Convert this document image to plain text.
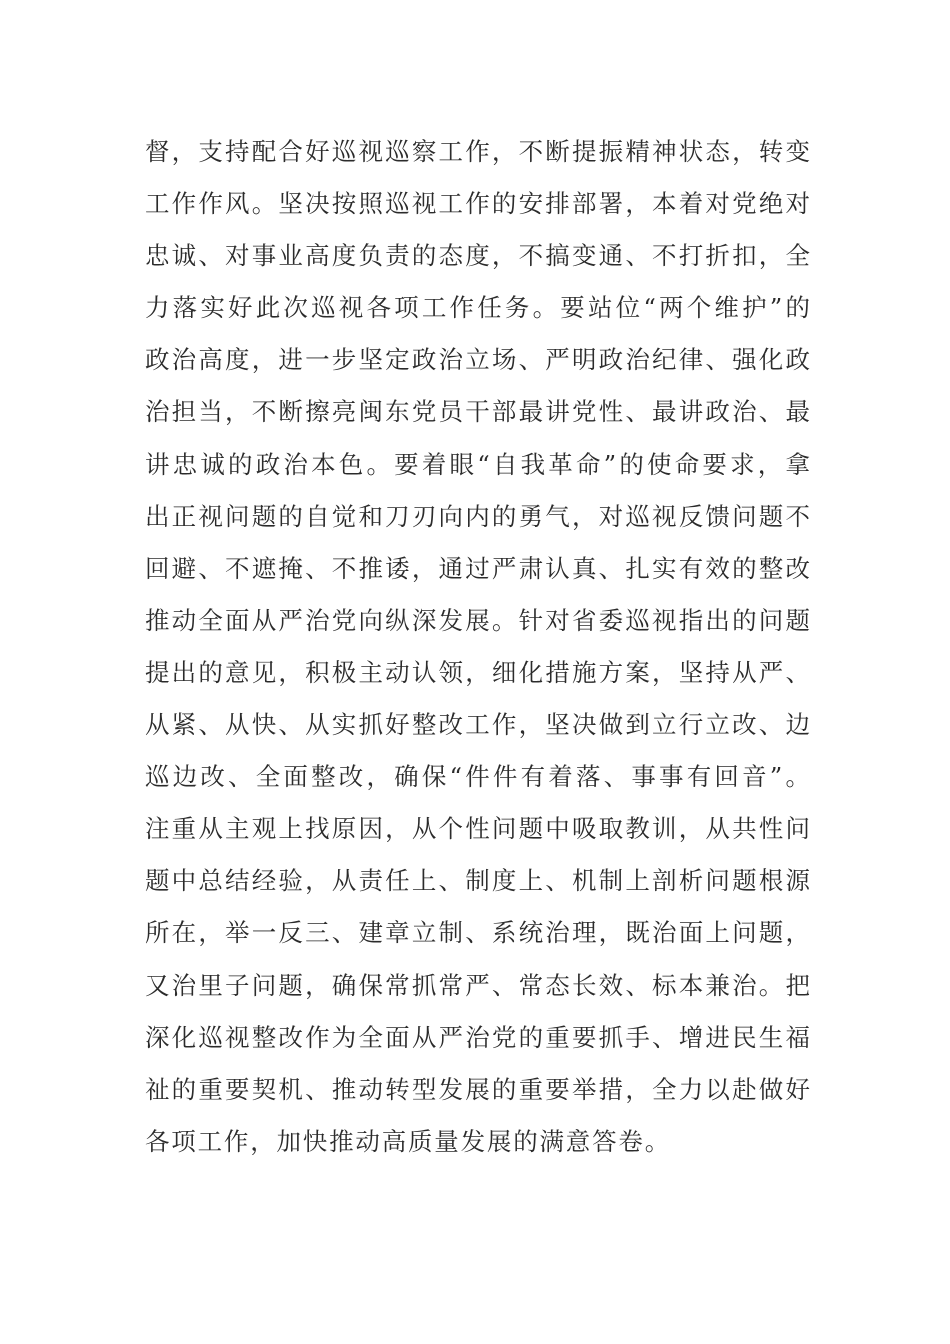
督，支持配合好巡视巡察工作，不断提振精神状态，转变
工作作风。坚决按照巡视工作的安排部署，本着对党绝对
忠诚、对事业高度负责的态度，不搞变通、不打折扣，全
力落实好此次巡视各项工作任务。要站位“两个维护”的
政治高度，进一步坚定政治立场、严明政治纪律、强化政
治担当，不断擦亮闽东党员干部最讲党性、最讲政治、最
讲忠诚的政治本色。要着眼“自我革命”的使命要求，拿
出正视问题的自觉和刀刃向内的勇气，对巡视反馈问题不
回避、不遮掩、不推诿，通过严肃认真、扎实有效的整改
推动全面从严治党向纵深发展。针对省委巡视指出的问题
提出的意见，积极主动认领，细化措施方案，坚持从严、
从紧、从快、从实抓好整改工作，坚决做到立行立改、边
巡边改、全面整改，确保“件件有着落、事事有回音”。
注重从主观上找原因，从个性问题中吸取教训，从共性问
题中总结经验，从责任上、制度上、机制上剖析问题根源
所在，举一反三、建章立制、系统治理，既治面上问题，
又治里子问题，确保常抓常严、常态长效、标本兼治。把
深化巡视整改作为全面从严治党的重要抓手、增进民生福
祉的重要契机、推动转型发展的重要举措，全力以赴做好
各项工作，加快推动高质量发展的满意答卷。
